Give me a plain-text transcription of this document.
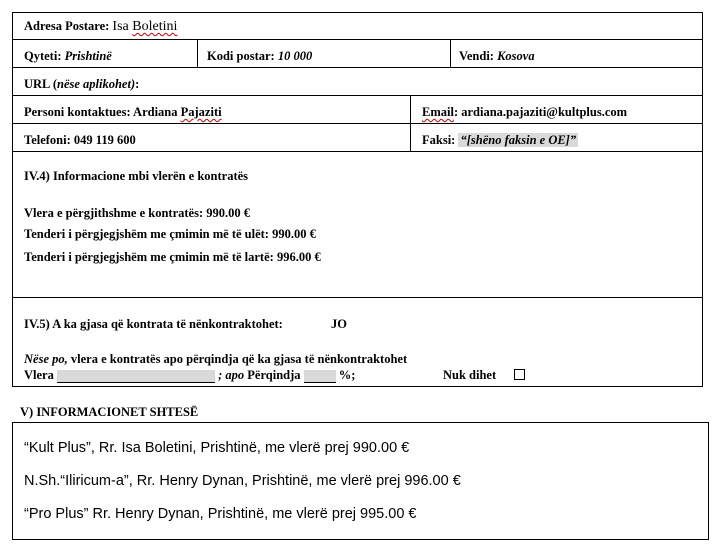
Adresa Postare: Isa Boletini
Qyteti: Prishtinë	Kodi postar: 10 000	Vendi: Kosova
URL (nëse aplikohet):
Personi kontaktues: Ardiana Pajaziti	Email: ardiana.pajaziti@kultplus.com
Telefoni: 049 119 600	Faksi: “[shëno faksin e OE]”
IV.4) Informacione mbi vlerën e kontratës
Vlera e përgjithshme e kontratës: 990.00 €
Tenderi i përgjegjshëm me çmimin më të ulët: 990.00 €
Tenderi i përgjegjshëm me çmimin më të lartë: 996.00 €
IV.5) A ka gjasa që kontrata të nënkontraktohet:	JO
Nëse po, vlera e kontratës apo përqindja që ka gjasa të nënkontraktohet
Vlera	; apo Përqindja	%;	Nuk dihet
V) INFORMACIONET SHTESË
“Kult Plus”, Rr. Isa Boletini, Prishtinë, me vlerë prej 990.00 €
N.Sh.“Iliricum-a”, Rr. Henry Dynan, Prishtinë, me vlerë prej 996.00 €
“Pro Plus” Rr. Henry Dynan, Prishtinë, me vlerë prej 995.00 €
